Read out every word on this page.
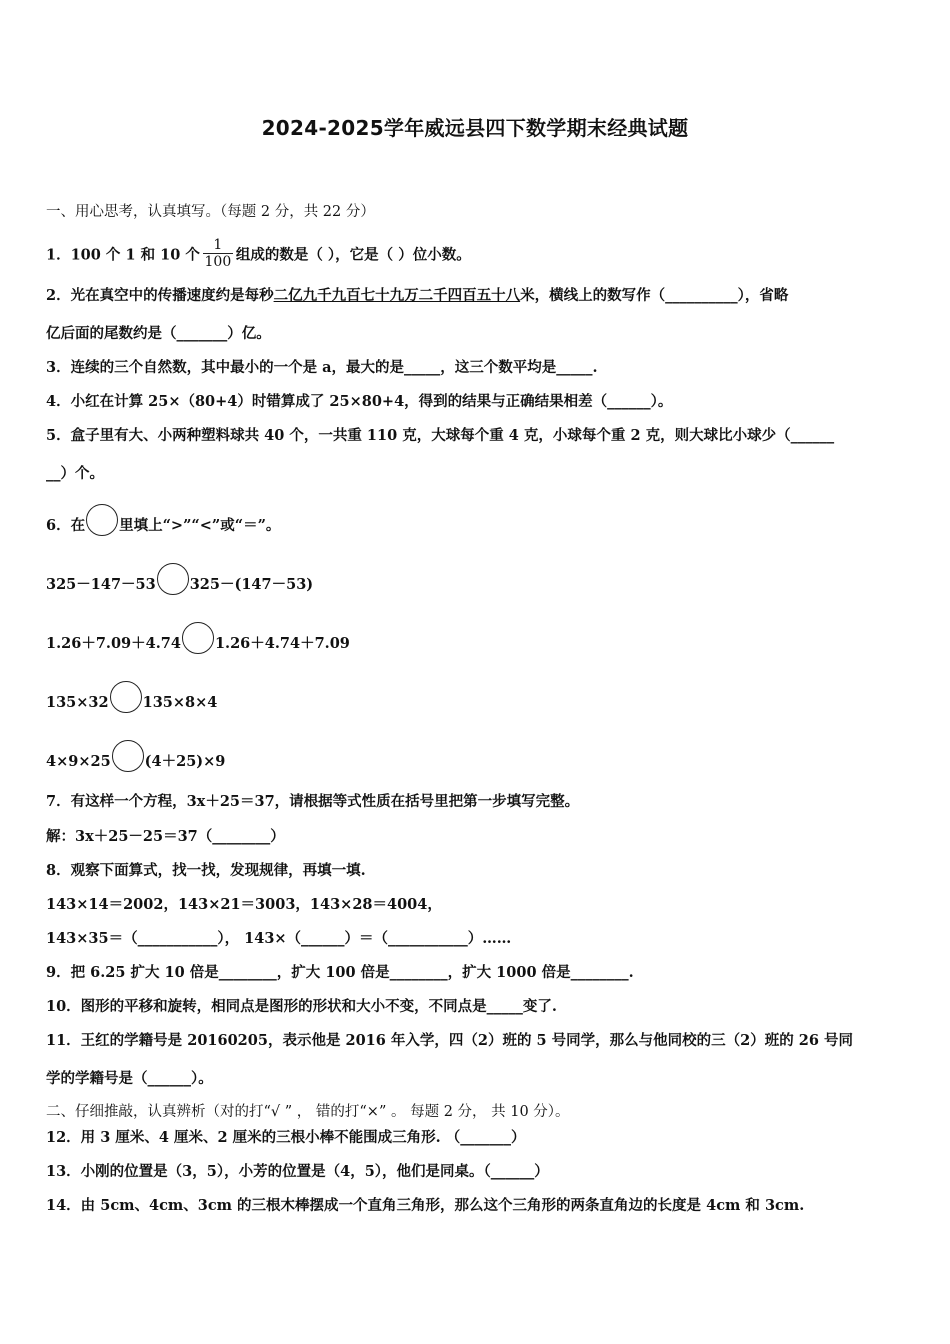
2024-2025学年威远县四下数学期末经典试题
一、用心思考，认真填写。（每题 2 分，共 22 分）
1．100 个 1 和 10 个 $\frac{1}{100}$ 组成的数是（ ），它是（ ）位小数。
2．光在真空中的传播速度约是每秒二亿九千九百七十九万二千四百五十八米，横线上的数写作（__________），省略
亿后面的尾数约是（_______）亿。
3．连续的三个自然数，其中最小的一个是 a，最大的是_____，这三个数平均是_____.
4．小红在计算 25×（80+4）时错算成了 25×80+4，得到的结果与正确结果相差（______）。
5．盒子里有大、小两种塑料球共 40 个，一共重 110 克，大球每个重 4 克，小球每个重 2 克，则大球比小球少（______
__）个。
6．在 里填上“>”“<”或“＝”。
325－147－53 325－(147－53)
1.26＋7.09＋4.74 1.26＋4.74＋7.09
135×32 135×8×4
4×9×25 (4＋25)×9
7．有这样一个方程，3x＋25＝37，请根据等式性质在括号里把第一步填写完整。
解：3x＋25－25＝37（________）
8．观察下面算式，找一找，发现规律，再填一填.
143×14＝2002，143×21＝3003，143×28＝4004，
143×35＝（___________）， 143×（______）＝（___________）……
9．把 6.25 扩大 10 倍是________，扩大 100 倍是________，扩大 1000 倍是________.
10．图形的平移和旋转，相同点是图形的形状和大小不变，不同点是_____变了.
11．王红的学籍号是 20160205，表示他是 2016 年入学，四（2）班的 5 号同学，那么与他同校的三（2）班的 26 号同
学的学籍号是（______）。
二、仔细推敲，认真辨析（对的打“√ ” ， 错的打“×” 。 每题 2 分， 共 10 分）。
12．用 3 厘米、4 厘米、2 厘米的三根小棒不能围成三角形. （_______）
13．小刚的位置是（3，5），小芳的位置是（4，5），他们是同桌。（______）
14．由 5cm、4cm、3cm 的三根木棒摆成一个直角三角形，那么这个三角形的两条直角边的长度是 4cm 和 3cm.
